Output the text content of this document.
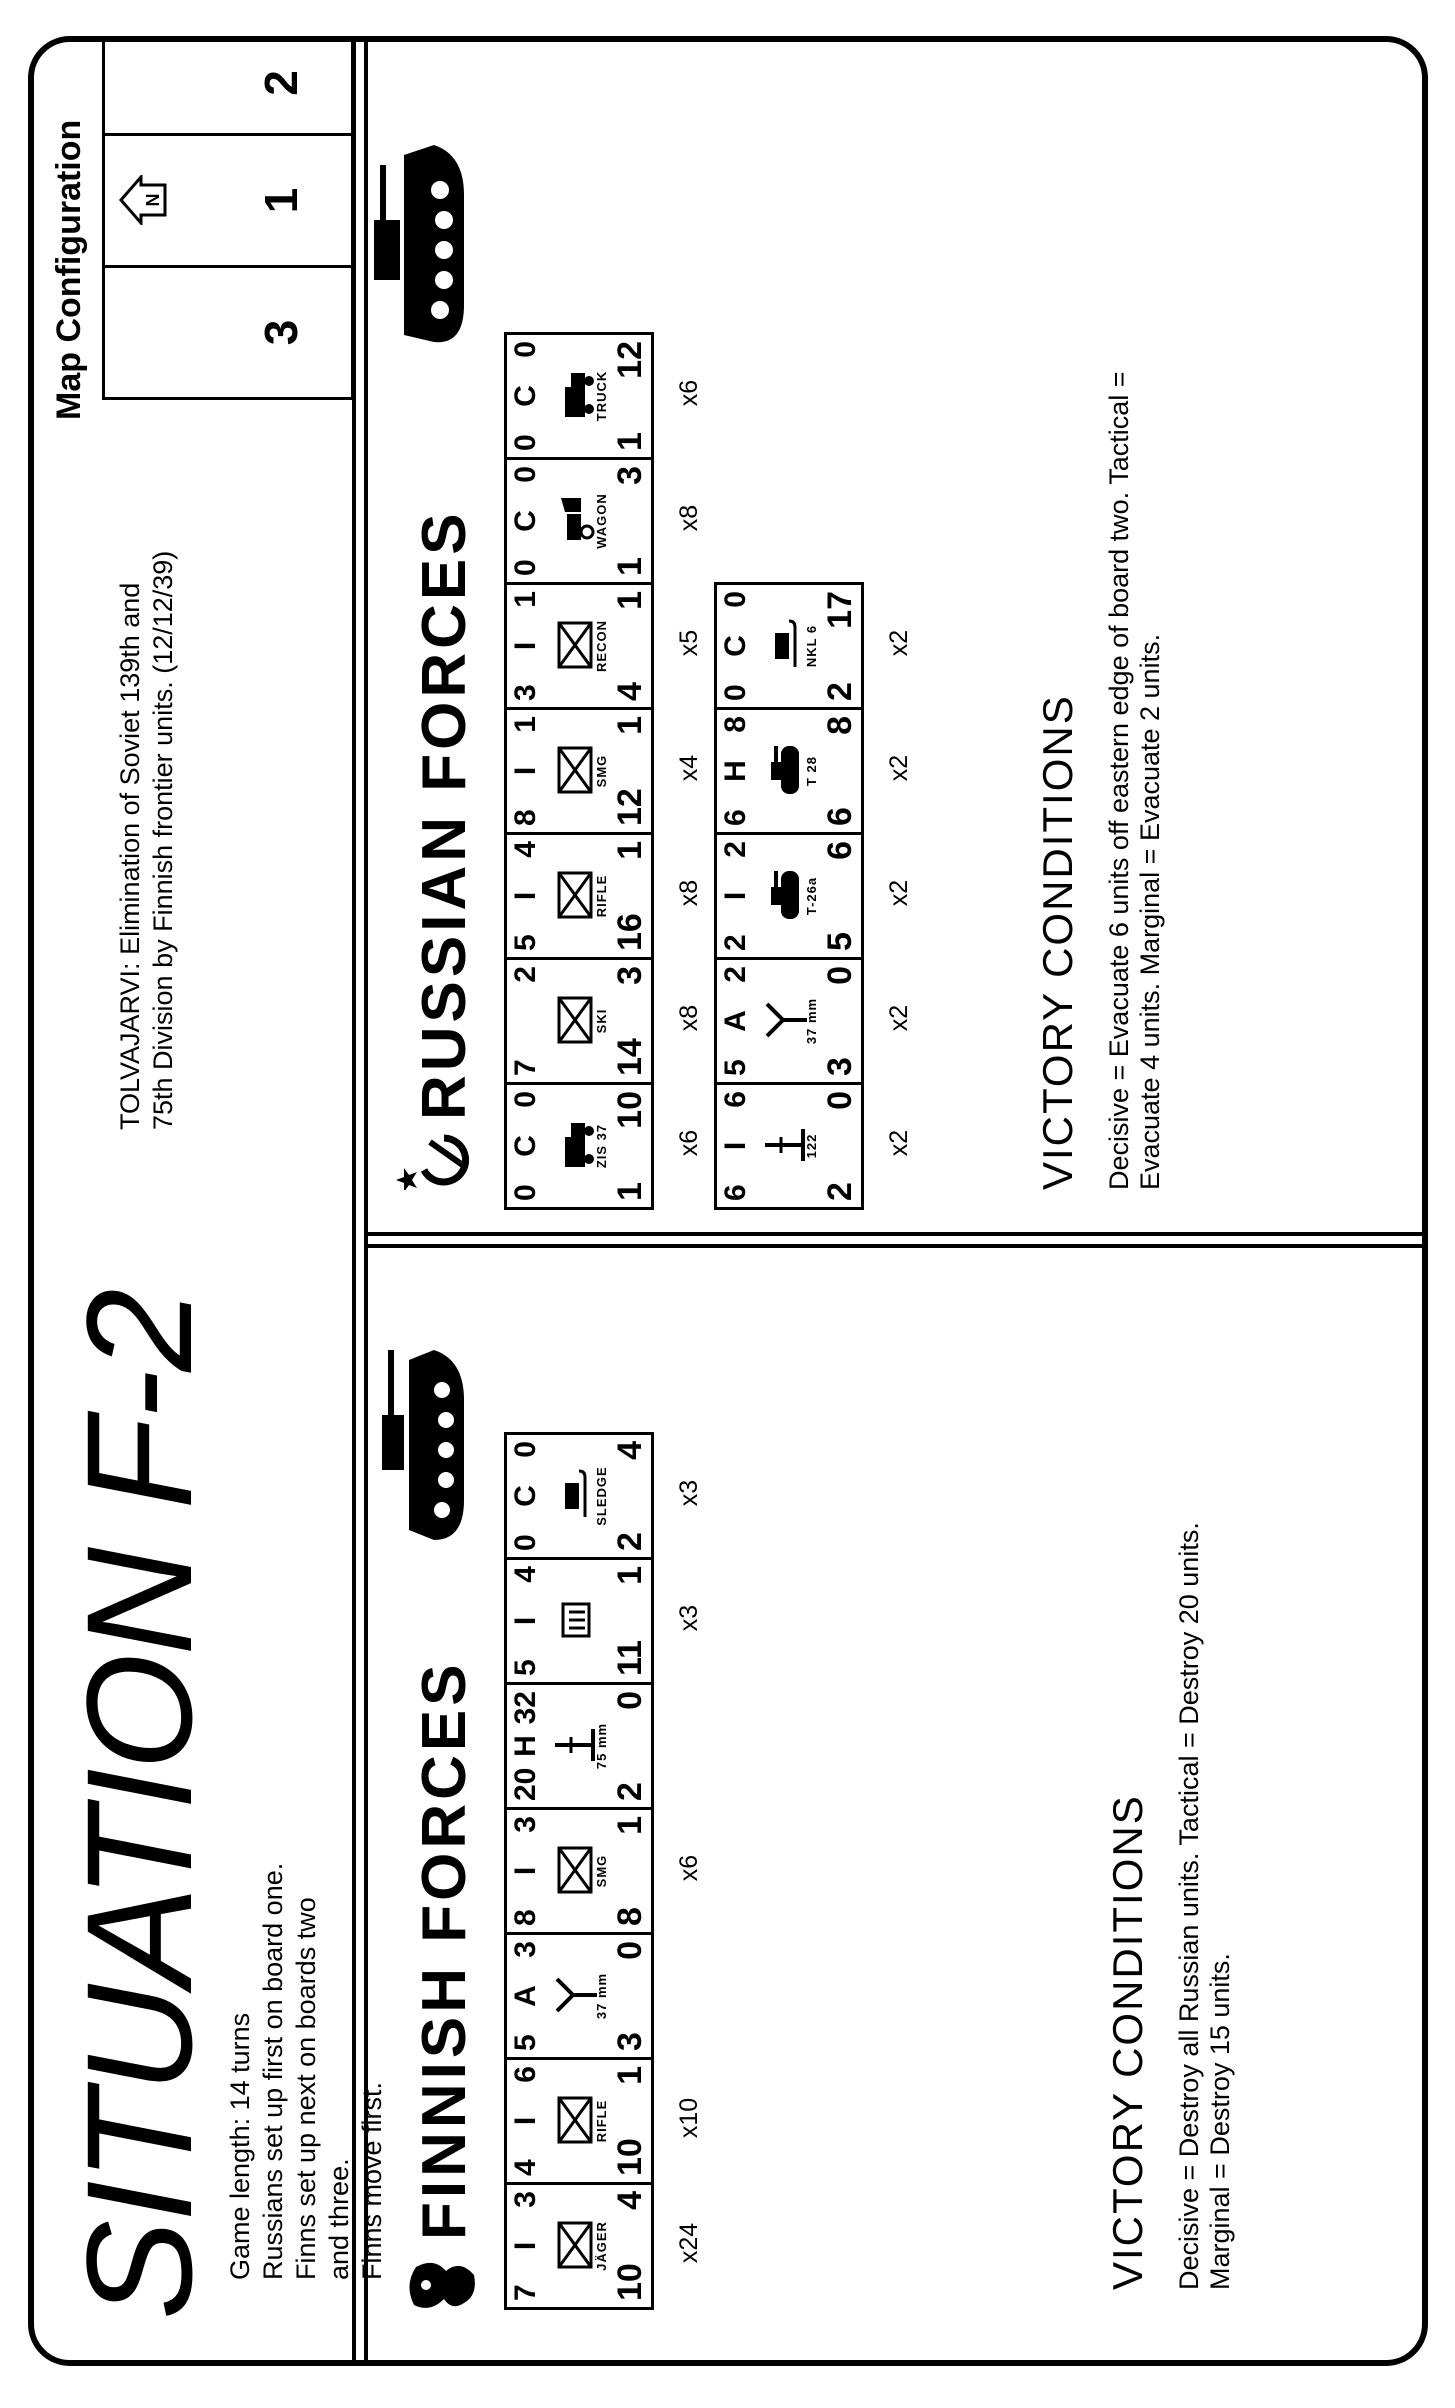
SITUATION F-2 Game length: 14 turns Russians set up first on board one. Finns set up next on boards two and three. Finns move first.
TOLVAJARVI: Elimination of Soviet 139th and 75th Division by Finnish frontier units. (12/12/39)
Map Configuration	3
1
2
N
FINNISH FORCES
7
I
3
JÄGER
10
4
x24
4
I
6
RIFLE
10
1
x10
5
A
3
37 mm
3
0
8
I
3
SMG
8
1
x6
20
H
32
75 mm
2
0
5
I
4
11
1
x3
0
C
0
SLEDGE
2
4
x3
VICTORY CONDITIONS Decisive = Destroy all Russian units. Tactical = Destroy 20 units. Marginal = Destroy 15 units.
RUSSIAN FORCES
0
C
0
ZIS 37
1
10
x6
7
2
SKI
14
3
x8
5
I
4
RIFLE
16
1
x8
8
I
1
SMG
12
1
x4
3
I
1
RECON
4
1
x5
0
C
0
WAGON
1
3
x8
0
C
0
TRUCK
1
12
x6
6
I
6
122
2
0
x2
5
A
2
37 mm
3
0
x2
2
I
2
T-26a
5
6
x2
6
H
8
T 28
6
8
x2
0
C
0
NKL 6
2
17
x2
VICTORY CONDITIONS Decisive = Evacuate 6 units off eastern edge of board two. Tactical = Evacuate 4 units. Marginal = Evacuate 2 units.
